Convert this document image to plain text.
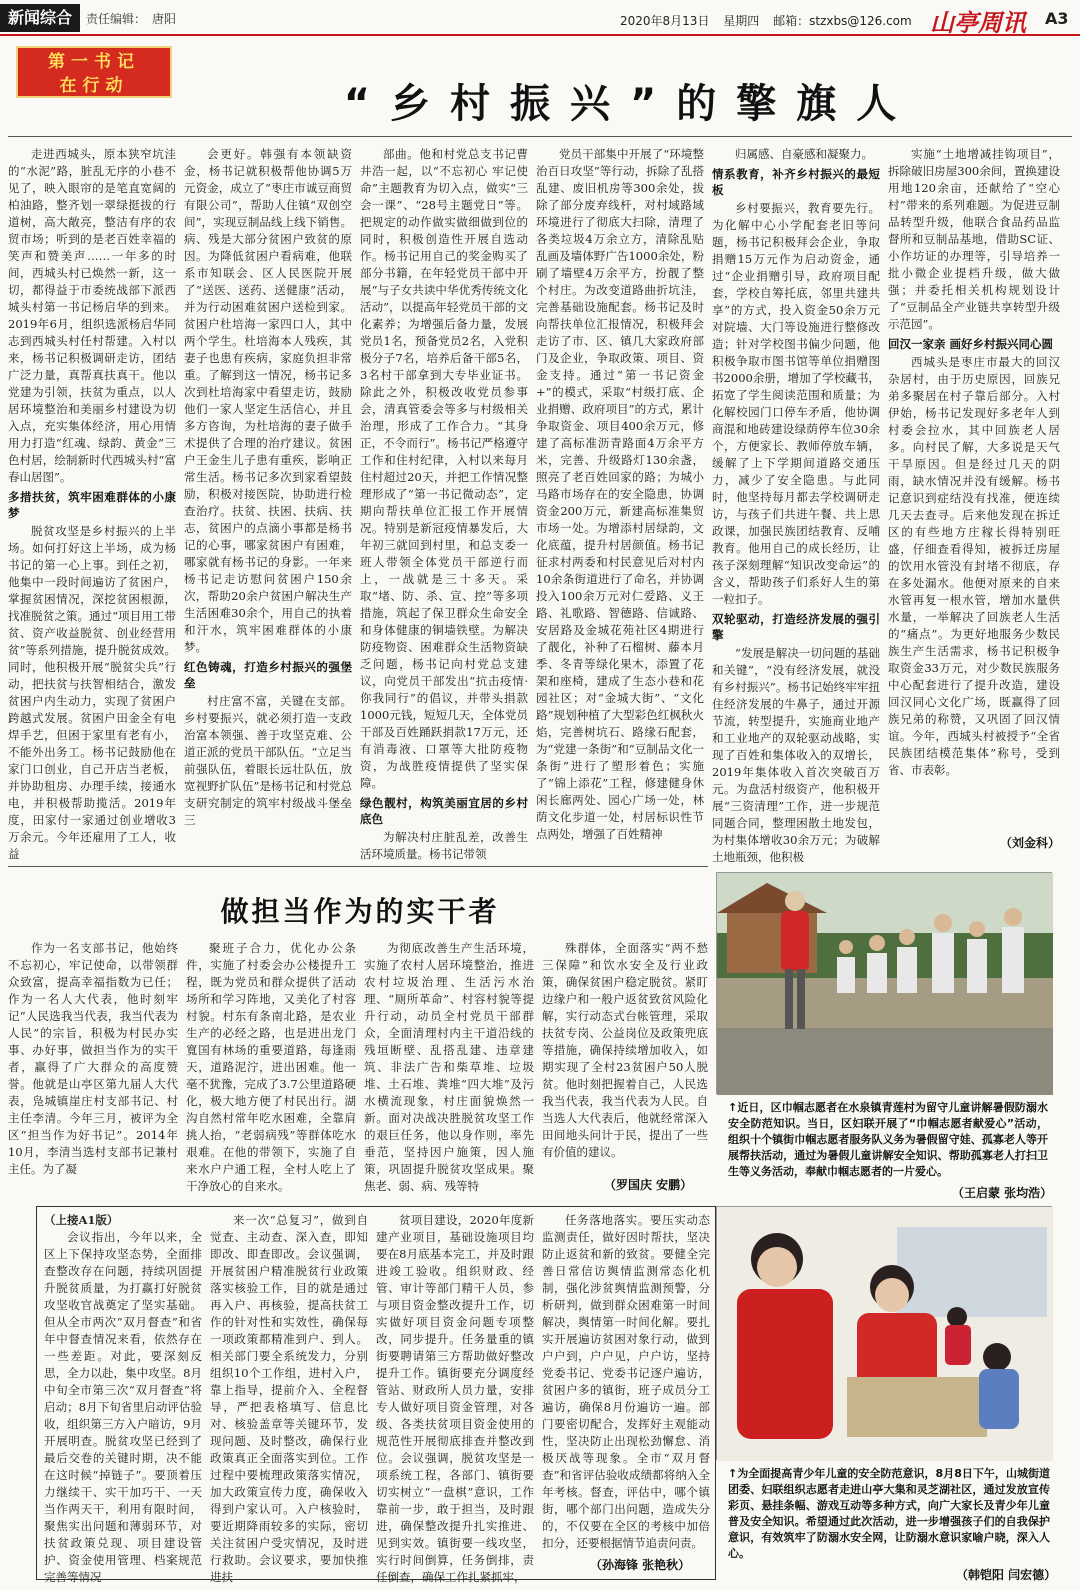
新闻综合	责任编辑： 唐阳	2020年8月13日 星期四 邮箱：stzxbs@126.com 山亭周讯 A3
第一书记
在行动	“乡村振兴”的擎旗人

走进西城头，原本狭窄坑洼的“水泥”路，脏乱无序的小巷不见了，映入眼帘的是笔直宽阔的柏油路，整齐划一翠绿挺拔的行道树，高大敞亮，整洁有序的农贸市场；听到的是老百姓幸福的笑声和赞美声……一年多的时间，西城头村已焕然一新，这一切，都得益于市委统战部下派西城头村第一书记杨启华的到来。2019年6月，组织选派杨启华同志到西城头村任村帮建。入村以来，杨书记积极调研走访，团结广泛力量，真帮真扶真干。他以党建为引领，扶贫为重点，以人居环境整治和美丽乡村建设为切入点，充实集体经济，用心用情用力打造“红魂、绿韵、黄金”三色村居，绘制新时代西城头村“富春山居图”。

多措扶贫，筑牢困难群体的小康梦

脱贫攻坚是乡村振兴的上半场。如何打好这上半场，成为杨书记的第一心上事。到任之初，他集中一段时间遍访了贫困户，掌握贫困情况，深挖贫困根源，找准脱贫之策。通过“项目用工带贫、资产收益脱贫、创业经营用贫”等系列措施，提升脱贫成效。同时，他积极开展“脱贫尖兵”行动，把扶贫与扶智相结合，激发贫困户内生动力，实现了贫困户跨越式发展。贫困户田金全有电焊手艺，但困于家里有老有小，不能外出务工。杨书记鼓励他在家门口创业，自己开店当老板，并协助租房、办理手续，接通水电，并积极帮助揽活。2019年度，田家付一家通过创业增收3万余元。今年还雇用了工人，收益

会更好。韩强有本领缺资金，杨书记就积极帮他协调5万元资金，成立了“枣庄市诚豆商贸有限公司”，帮助人住镇“双创空间”，实现豆制品线上线下销售。病、残是大部分贫困户致贫的原因。为降低贫困户看病难，他联系市知联会、区人民医院开展了“送医、送药、送健康”活动，并为行动困难贫困户送检到家。贫困户杜培海一家四口人，其中两个学生。杜培海本人残疾，其妻子也患有疾病，家庭负担非常重。了解到这一情况，杨书记多次到杜培海家中看望走访，鼓励他们一家人坚定生活信心，并且多方咨询，为杜培海的妻子做手术提供了合理的治疗建议。贫困户王金生儿子患有重疾，影响正常生活。杨书记多次到家看望鼓励，积极对接医院，协助进行检查治疗。扶贫、扶困、扶病、扶志，贫困户的点滴小事都是杨书记的心事，哪家贫困户有困难，哪家就有杨书记的身影。一年来杨书记走访慰问贫困户150余次，帮助20余户贫困户解决生产生活困难30余个，用自己的执着和汗水，筑牢困难群体的小康梦。

红色铸魂，打造乡村振兴的强堡垒

村庄富不富，关键在支部。乡村要振兴，就必须打造一支政治富本领强、善于攻坚克难、公道正派的党员干部队伍。“立足当前强队伍，着眼长远壮队伍，放宽视野扩队伍”是杨书记和村党总支研究制定的筑牢村级战斗堡垒三

部曲。他和村党总支书记曹井浩一起，以“不忘初心 牢记使命”主题教育为切入点，做实“三会一课”、“28号主题党日”等。把规定的动作做实做细做到位的同时，积极创造性开展自选动作。杨书记用自己的奖金购买了部分书籍，在年轻党员干部中开展“与子女共读中华优秀传统文化活动”，以提高年轻党员干部的文化素养；为增强后备力量，发展党员1名，预备党员2名，入党积极分子7名，培养后备干部5名，3名村干部拿到大专毕业证书。除此之外，积极改收党员参事会，清真管委会等多与村级相关治理，形成了工作合力。“其身正，不令而行”。杨书记严格遵守工作和住村纪律，入村以来每月住村超过20天，并把工作情况整理形成了“第一书记微动态”，定期向帮扶单位汇报工作开展情况。特别是新冠疫情暴发后，大年初三就回到村里，和总支委一班人带领全体党员干部逆行而上，一战就是三十多天。采取“堵、防、杀、宣、控”等多项措施，筑起了保卫群众生命安全和身体健康的铜墙铁壁。为解决防疫物资、困难群众生活物资缺乏问题，杨书记向村党总支建议，向党员干部发出“抗击疫情·你我同行”的倡议，并带头捐款1000元钱，短短几天，全体党员干部及百姓踊跃捐款17万元，还有消毒液、口罩等大批防疫物资，为战胜疫情提供了坚实保障。

绿色靓村，构筑美丽宜居的乡村底色

为解决村庄脏乱差，改善生活环境质量。杨书记带领

党员干部集中开展了“环境整治百日攻坚”等行动，拆除了乱搭乱建、废旧机房等300余处，拔除了部分废弃线杆，对村域路域环境进行了彻底大扫除，清理了各类垃圾4万余立方，清除乱贴乱画及墙体野广告1000余处，粉刷了墙壁4万余平方，扮靓了整个村庄。为改变道路曲折坑洼，完善基础设施配套。杨书记及时向帮扶单位汇报情况，积极拜会走访了市、区、镇几大家政府部门及企业，争取政策、项目、资金支持。通过“第一书记资金+”的模式，采取“村级打底、企业捐赠、政府项目”的方式，累计争取资金、项目400余万元，修建了高标准沥青路面4万余平方米，完善、升级路灯130余盏，照亮了老百姓回家的路；为城小马路市场存在的安全隐患，协调资金200万元，新建高标准集贸市场一处。为增添村居绿韵，文化底蕴，提升村居颜值。杨书记征求村两委和村民意见后对村内10余条街道进行了命名，并协调投入100余万元对仁爱路、义王路、礼歌路、智德路、信诚路、安居路及金城花苑社区4期进行了靓化，补种了石榴树、藤本月季、冬青等绿化果木，添置了花架和座椅，建成了生态小巷和花园社区；对“金城大街”、“文化路”规划种植了大型彩色红枫秋火焰，完善树坑石、路缘石配套，为“党建一条街”和“豆制品文化一条街”进行了塑形着色；实施了“锦上添花”工程，修建健身休闲长廊两处、园心广场一处，林荫文化步道一处，村居标识性节点两处，增强了百姓精神

归属感、自豪感和凝聚力。

情系教育，补齐乡村振兴的最短板

乡村要振兴，教育要先行。为化解中心小学配套老旧等问题，杨书记积极拜会企业，争取捐赠15万元作为启动资金，通过“企业捐赠引导，政府项目配套，学校自筹托底，邻里共建共享”的方式，投入资金50余万元对院墙、大门等设施进行整修改造；针对学校图书偏少问题，他积极争取市图书馆等单位捐赠图书2000余册，增加了学校藏书，拓宽了学生阅读范围和质量；为化解校园门口停车矛盾，他协调商混和地砖建设绿荫停车位30余个，方便家长、教师停放车辆，缓解了上下学期间道路交通压力，减少了安全隐患。与此同时，他坚持每月都去学校调研走访，与孩子们共进午餐、共上思政课，加强民族团结教育、反哺教育。他用自己的成长经历，让孩子深刻理解“知识改变命运”的含义，帮助孩子们系好人生的第一粒扣子。

双轮驱动，打造经济发展的强引擎

“发展是解决一切问题的基础和关键”，“没有经济发展，就没有乡村振兴”。杨书记始终牢牢扭住经济发展的牛鼻子，通过开源节流，转型提升，实施商业地产和工业地产的双轮驱动战略，实现了百姓和集体收入的双增长，2019年集体收入首次突破百万元。为盘活村级资产，他积极开展“三资清理”工作，进一步规范同题合同，整理困散土地发包，为村集体增收30余万元；为破解土地瓶颈，他积极

实施“土地增减挂钩项目”，拆除破旧房屋300余间，置换建设用地120余亩，还献给了“空心村”带来的系列难题。为促进豆制品转型升级，他联合食品药品监督所和豆制品基地，借助SC证、小作坊证的办理等，引导培养一批小微企业提档升级，做大做强；并委托相关机构规划设计了“豆制品全产业链共享转型升级示范园”。

回汉一家亲 画好乡村振兴同心圆

西城头是枣庄市最大的回汉杂居村，由于历史原因，回族兄弟多聚居在村子靠后部分。入村伊始，杨书记发现好多老年人到村委会拉水，其中回族老人居多。向村民了解，大多说是天气干旱原因。但是经过几天的阴雨，缺水情况并没有缓解。杨书记意识到症结没有找准，便连续几天去查寻。后来他发现在拆迁区的有些地方庄稼长得特别旺盛，仔细查看得知，被拆迁房屋的饮用水管没有封堵不彻底，存在多处漏水。他便对原来的自来水管再复一根水管，增加水量供水量，一举解决了回族老人生活的“痛点”。为更好地服务少数民族生产生活需求，杨书记积极争取资金33万元，对少数民族服务中心配套进行了提升改造，建设回汉同心文化广场，既赢得了回族兄弟的称赞，又巩固了回汉情谊。今年，西城头村被授予“全省民族团结模范集体”称号，受到省、市表彰。

（刘金科）
做担当作为的实干者

作为一名支部书记，他始终不忘初心，牢记使命，以带领群众致富，提高幸福指数为已任；作为一名人大代表，他时刻牢记“人民选我当代表，我当代表为人民”的宗旨，积极为村民办实事、办好事，做担当作为的实干者，赢得了广大群众的高度赞誉。他就是山亭区第九届人大代表，凫城镇崖庄村支部书记、村主任李清。今年三月，被评为全区“担当作为好书记”。2014年10月，李清当选村支部书记兼村主任。为了凝

聚班子合力，优化办公条件，实施了村委会办公楼提升工程，既为党员和群众提供了活动场所和学习阵地，又美化了村容村貌。村东有条南北路，是农业生产的必经之路，也是进出龙门寬国有林场的重要道路，每逢雨天，道路泥泞，进出困难。他一毫不犹豫，完成了3.7公里道路硬化，极大地方便了村民出行。湖沟自然村常年吃水困难，全靠肩挑人抬，“老弱病残”等群体吃水艰难。在他的带领下，实施了自来水户户通工程，全村人吃上了干净放心的自来水。

为彻底改善生产生活环境，实施了农村人居环境整治，推进农村垃圾治理、生活污水治理、“厕所革命”、村容村貌等提升行动，动员全村党员干部群众，全面清理村内主干道沿线的残垣断壁、乱搭乱建、违章建筑、非法广告和柴草堆、垃圾堆、土石堆、粪堆“四大堆”及污水横流现象，村庄面貌焕然一新。面对决战决胜脱贫攻坚工作的艰巨任务，他以身作则，率先垂范，坚持因户施策，因人施策，巩固提升脱贫攻坚成果。聚焦老、弱、病、残等特

殊群体，全面落实“两不愁三保障”和饮水安全及行业政策，确保贫困户稳定脱贫。紧盯边缘户和一般户返贫致贫风险化解，实行动态式台帐管理，采取扶贫专岗、公益岗位及政策兜底等措施，确保持续增加收入，如期实现了全村23贫困户50人脱贫。他时刻把握着自己，人民选我当代表，我当代表为人民。自当选人大代表后，他就经常深入田间地头问计于民，提出了一些有价值的建议。

（罗国庆 安鹏）

（上接A1版）

会议指出，今年以来，全区上下保持攻坚态势，全面排查整改存在问题，持续巩固提升脱贫质量，为打赢打好脱贫攻坚收官战奠定了坚实基础。但从全市两次“双月督查”和省年中督查情况来看，依然存在一些差距。对此，要深刻反思，全力以赴，集中攻坚。8月中旬全市第三次“双月督查”将启动；8月下旬省里启动评估验收，组织第三方入户暗访，9月开展明查。脱贫攻坚已经到了最后交卷的关键时期，决不能在这时候“掉链子”。要顶着压力继续干、实干加巧干、一天当作两天干，利用有限时间，聚焦实出问题和薄弱环节，对扶贫政策兑现、项目建设管护、资金使用管理、档案规范完善等情况

来一次“总复习”，做到自觉查、主动查、深入查，即知即改、即查即改。会议强调，开展贫困户精准脱贫行业政策落实核验工作，目的就是通过再入户、再核验，提高扶贫工作的针对性和实效性，确保每一项政策都精准到户、到人。相关部门要全系统发力，分别组织10个工作组，进村入户，靠上指导，提前介入、全程督导，严把表格填写、信息比对、核验盖章等关键环节，发现问题、及时整改，确保行业政策真正全面落实到位。工作过程中要梳理政策落实情况，加大政策宣传力度，确保收入得到户家认可。入户核验时，要近期降雨较多的实际，密切关注贫困户受灾情况，及时进行救助。会议要求，要加快推进扶

贫项目建设，2020年度新建产业项目，基础设施项目均要在8月底基本完工，并及时跟进竣工验收。组织财政、经管、审计等部门精干人员，参与项目资金整改提升工作，切实做好项目资金问题专项整改，同步提升。任务量重的镇街要聘请第三方帮助做好整改提升工作。镇街要充分调度经管站、财政所人员力量，安排专人做好项目资金管理，对各级、各类扶贫项目资金使用的规范性开展彻底排查并整改到位。会议强调，脱贫攻坚是一项系统工程，各部门、镇街要切实树立“一盘棋”意识，工作靠前一步，敢于担当，及时跟进，确保整改提升扎实推进、见到实效。镇街要一线攻坚，实行时间倒算，任务倒排，责任倒查，确保工作扎紧抓牢，

任务落地落实。要压实动态监测责任，做好因时帮扶，坚决防止返贫和新的致贫。要健全完善日常信访舆情监测常态化机制，强化涉贫舆情监测预警，分析研判，做到群众困难第一时间解决，舆情第一时间化解。要扎实开展遍访贫困对象行动，做到户户到，户户见，户户访，坚持党委书记、党委书记逐户遍访，贫困户多的镇街，班子成员分工遍访，确保8月份遍访一遍。部门要密切配合，发挥好主观能动性，坚决防止出现松劲懈怠、消极厌战等现象。全市“双月督查”和省评估验收成绩都将纳入全年考核。督查，评估中，哪个镇街，哪个部门出问题，造成失分的，不仅要在全区的考核中加倍扣分，还要根据情节追责问责。

（孙海锋 张艳秋）
↑近日，区巾帼志愿者在水泉镇青莲村为留守儿童讲解暑假防溺水安全防范知识。当日，区妇联开展了“巾帼志愿者献爱心”活动，组织十个镇街巾帼志愿者服务队义务为暑假留守娃、孤寡老人等开展帮扶活动，通过为暑假儿童讲解安全知识、帮助孤寡老人打扫卫生等义务活动，奉献巾帼志愿者的一片爱心。
（王启蒙 张均浩）
↑为全面提高青少年儿童的安全防范意识，8月8日下午，山城街道团委、妇联组织志愿者走进山亭大集和灵芝湖社区，通过发放宣传彩页、悬挂条幅、游戏互动等多种方式，向广大家长及青少年儿童普及安全知识。希望通过此次活动，进一步增强孩子们的自我保护意识，有效筑牢了防溺水安全网，让防溺水意识家喻户晓，深入人心。
（韩铠阳 闫宏德）
